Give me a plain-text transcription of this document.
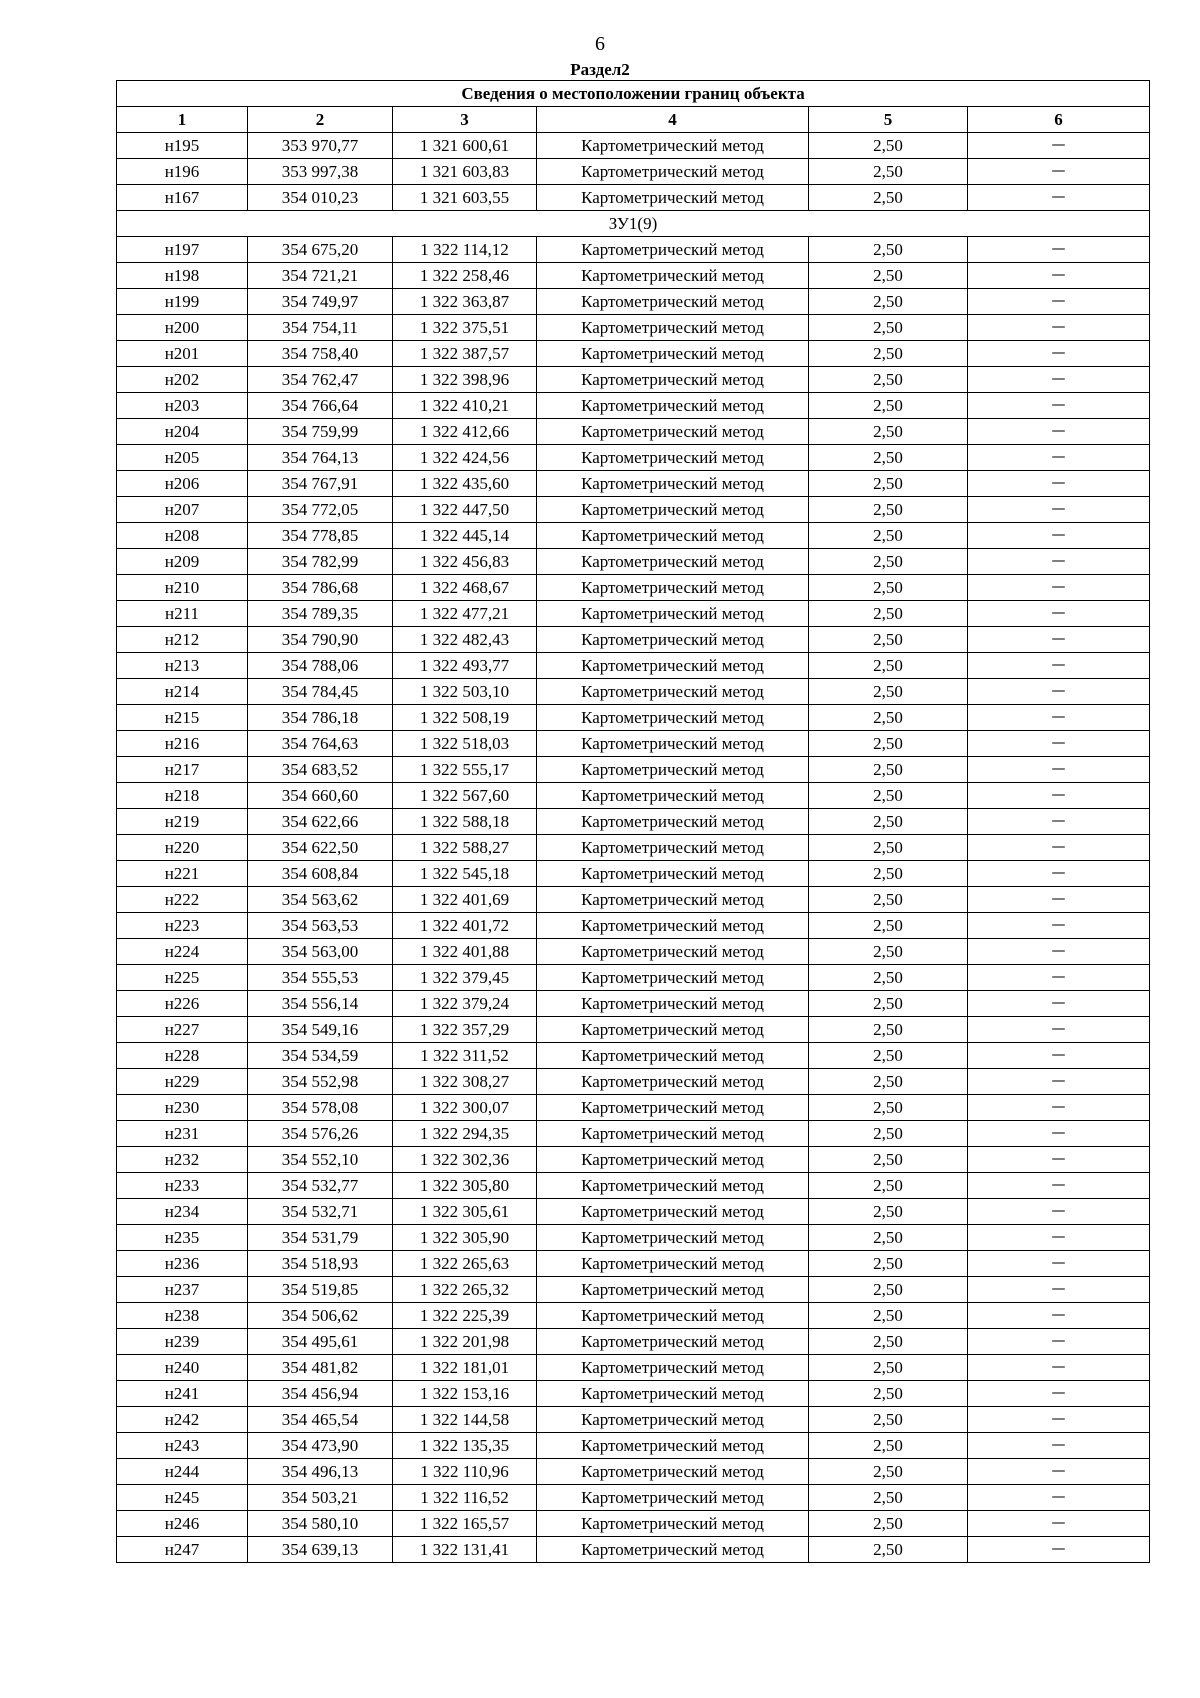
6
Раздел2
Сведения о местоположении границ объекта					
1	2	3	4	5	6
н195	353 970,77	1 321 600,61	Картометрический метод	2,50	—
н196	353 997,38	1 321 603,83	Картометрический метод	2,50	—
н167	354 010,23	1 321 603,55	Картометрический метод	2,50	—
ЗУ1(9)					
н197	354 675,20	1 322 114,12	Картометрический метод	2,50	—
н198	354 721,21	1 322 258,46	Картометрический метод	2,50	—
н199	354 749,97	1 322 363,87	Картометрический метод	2,50	—
н200	354 754,11	1 322 375,51	Картометрический метод	2,50	—
н201	354 758,40	1 322 387,57	Картометрический метод	2,50	—
н202	354 762,47	1 322 398,96	Картометрический метод	2,50	—
н203	354 766,64	1 322 410,21	Картометрический метод	2,50	—
н204	354 759,99	1 322 412,66	Картометрический метод	2,50	—
н205	354 764,13	1 322 424,56	Картометрический метод	2,50	—
н206	354 767,91	1 322 435,60	Картометрический метод	2,50	—
н207	354 772,05	1 322 447,50	Картометрический метод	2,50	—
н208	354 778,85	1 322 445,14	Картометрический метод	2,50	—
н209	354 782,99	1 322 456,83	Картометрический метод	2,50	—
н210	354 786,68	1 322 468,67	Картометрический метод	2,50	—
н211	354 789,35	1 322 477,21	Картометрический метод	2,50	—
н212	354 790,90	1 322 482,43	Картометрический метод	2,50	—
н213	354 788,06	1 322 493,77	Картометрический метод	2,50	—
н214	354 784,45	1 322 503,10	Картометрический метод	2,50	—
н215	354 786,18	1 322 508,19	Картометрический метод	2,50	—
н216	354 764,63	1 322 518,03	Картометрический метод	2,50	—
н217	354 683,52	1 322 555,17	Картометрический метод	2,50	—
н218	354 660,60	1 322 567,60	Картометрический метод	2,50	—
н219	354 622,66	1 322 588,18	Картометрический метод	2,50	—
н220	354 622,50	1 322 588,27	Картометрический метод	2,50	—
н221	354 608,84	1 322 545,18	Картометрический метод	2,50	—
н222	354 563,62	1 322 401,69	Картометрический метод	2,50	—
н223	354 563,53	1 322 401,72	Картометрический метод	2,50	—
н224	354 563,00	1 322 401,88	Картометрический метод	2,50	—
н225	354 555,53	1 322 379,45	Картометрический метод	2,50	—
н226	354 556,14	1 322 379,24	Картометрический метод	2,50	—
н227	354 549,16	1 322 357,29	Картометрический метод	2,50	—
н228	354 534,59	1 322 311,52	Картометрический метод	2,50	—
н229	354 552,98	1 322 308,27	Картометрический метод	2,50	—
н230	354 578,08	1 322 300,07	Картометрический метод	2,50	—
н231	354 576,26	1 322 294,35	Картометрический метод	2,50	—
н232	354 552,10	1 322 302,36	Картометрический метод	2,50	—
н233	354 532,77	1 322 305,80	Картометрический метод	2,50	—
н234	354 532,71	1 322 305,61	Картометрический метод	2,50	—
н235	354 531,79	1 322 305,90	Картометрический метод	2,50	—
н236	354 518,93	1 322 265,63	Картометрический метод	2,50	—
н237	354 519,85	1 322 265,32	Картометрический метод	2,50	—
н238	354 506,62	1 322 225,39	Картометрический метод	2,50	—
н239	354 495,61	1 322 201,98	Картометрический метод	2,50	—
н240	354 481,82	1 322 181,01	Картометрический метод	2,50	—
н241	354 456,94	1 322 153,16	Картометрический метод	2,50	—
н242	354 465,54	1 322 144,58	Картометрический метод	2,50	—
н243	354 473,90	1 322 135,35	Картометрический метод	2,50	—
н244	354 496,13	1 322 110,96	Картометрический метод	2,50	—
н245	354 503,21	1 322 116,52	Картометрический метод	2,50	—
н246	354 580,10	1 322 165,57	Картометрический метод	2,50	—
н247	354 639,13	1 322 131,41	Картометрический метод	2,50	—
